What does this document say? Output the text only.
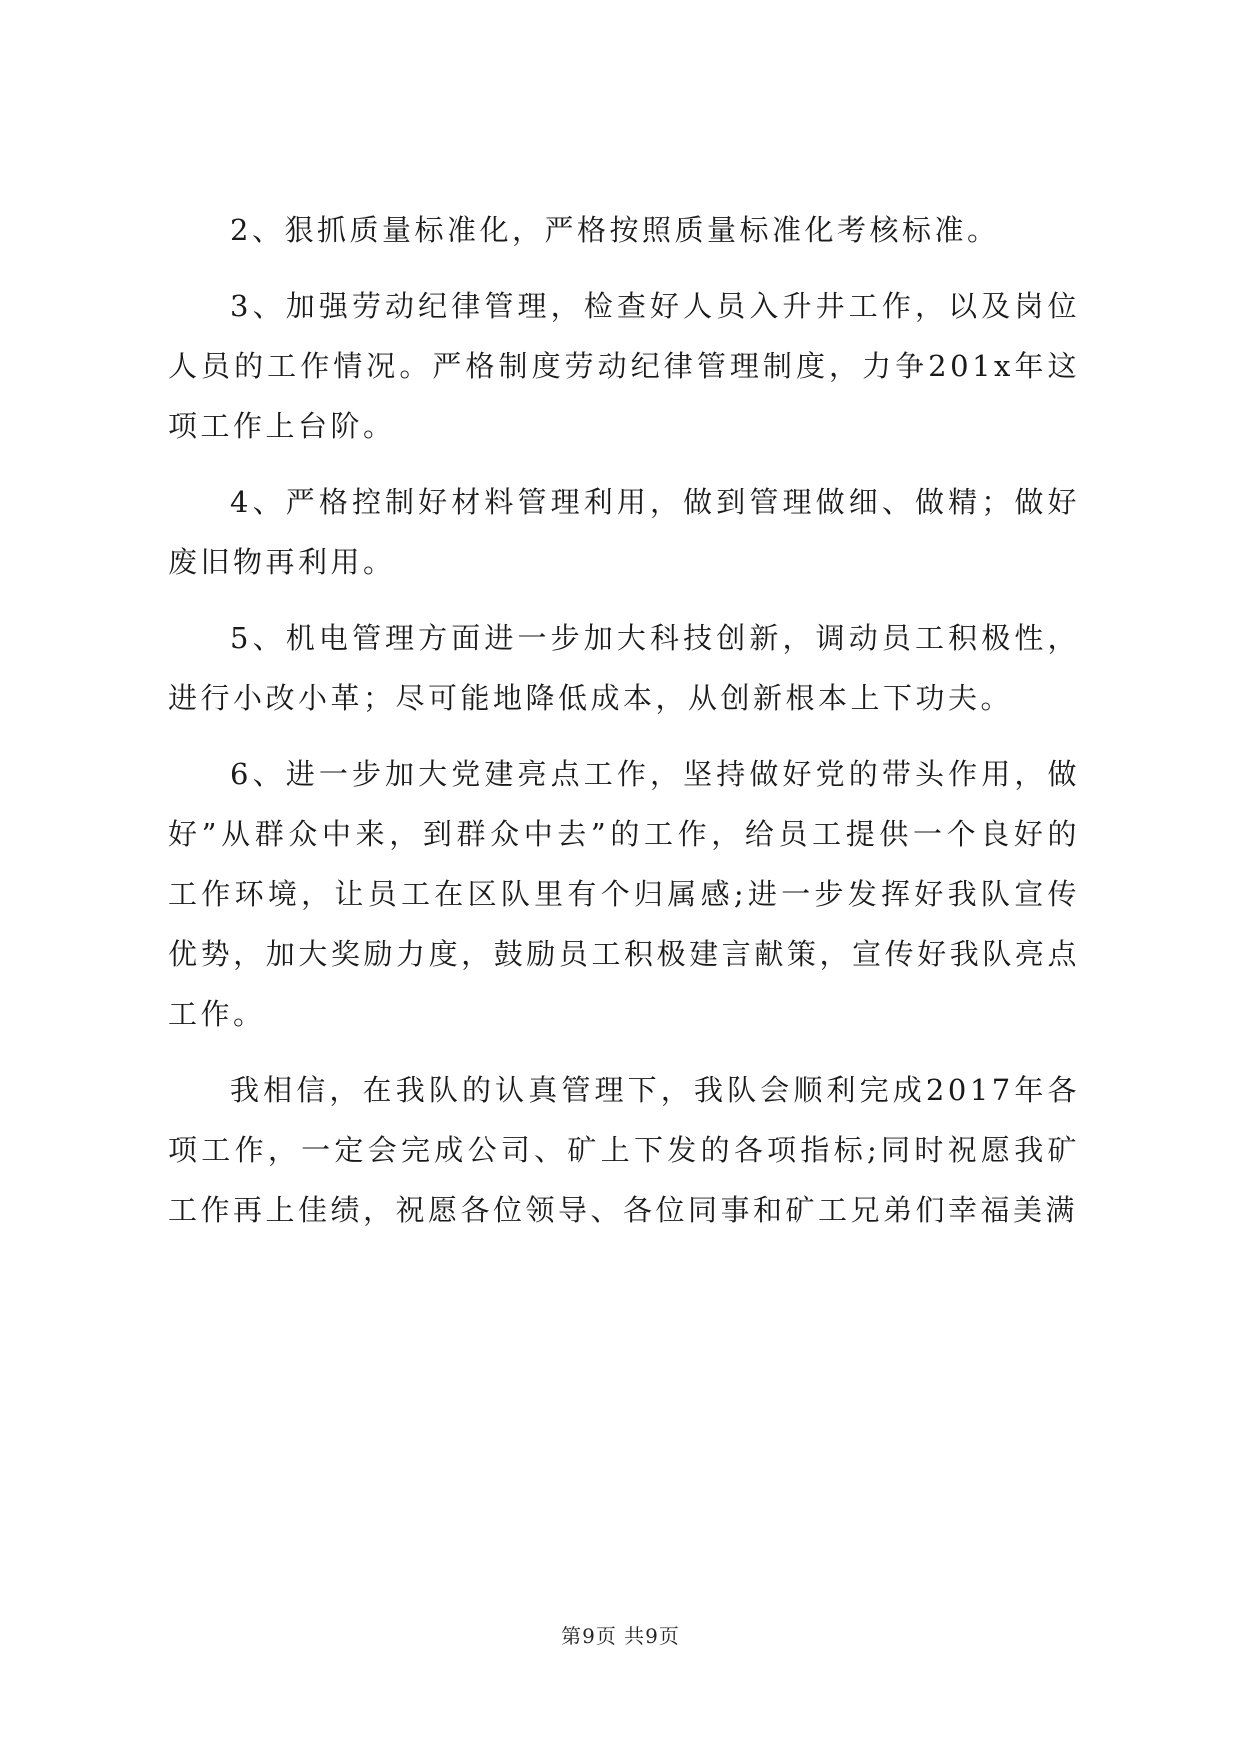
2、狠抓质量标准化，严格按照质量标准化考核标准。

3、加强劳动纪律管理，检查好人员入升井工作，以及岗位人员的工作情况。严格制度劳动纪律管理制度，力争201x年这项工作上台阶。

4、严格控制好材料管理利用，做到管理做细、做精；做好废旧物再利用。

5、机电管理方面进一步加大科技创新，调动员工积极性，进行小改小革；尽可能地降低成本，从创新根本上下功夫。

6、进一步加大党建亮点工作，坚持做好党的带头作用，做好”从群众中来，到群众中去”的工作，给员工提供一个良好的工作环境，让员工在区队里有个归属感;进一步发挥好我队宣传优势，加大奖励力度，鼓励员工积极建言献策，宣传好我队亮点工作。

我相信，在我队的认真管理下，我队会顺利完成2017年各项工作，一定会完成公司、矿上下发的各项指标;同时祝愿我矿工作再上佳绩，祝愿各位领导、各位同事和矿工兄弟们幸福美满

第9页 共9页
